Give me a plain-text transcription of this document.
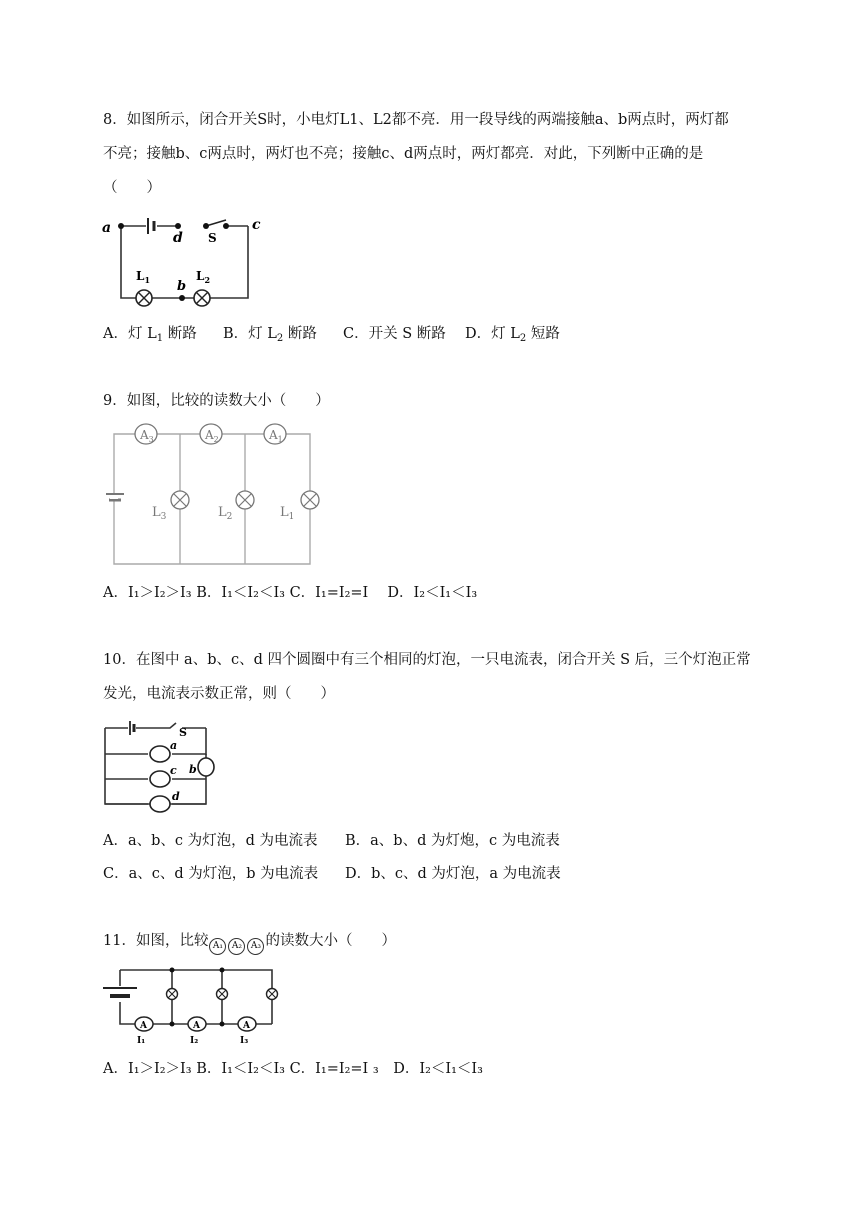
8．如图所示，闭合开关S时，小电灯L1、L2都不亮．用一段导线的两端接触a、b两点时，两灯都
不亮；接触b、c两点时，两灯也不亮；接触c、d两点时，两灯都亮．对此，下列断中正确的是
（　　）
a
d S
c
b
$L_1$	$L_2$
A．灯 $L_1$ 断路 B．灯 $L_2$ 断路 C．开关 S 断路 D．灯 $L_2$ 短路
9．如图，比较的读数大小（　　）
$A_3$	$A_2$	$A_1$
$L_3$	$L_2$	$L_1$
A．I₁＞I₂＞I₃ B．I₁＜I₂＜I₃ C．I₁=I₂=I　 D．I₂＜I₁＜I₃
10．在图中 a、b、c、d 四个圆圈中有三个相同的灯泡，一只电流表，闭合开关 S 后，三个灯泡正常
发光，电流表示数正常，则（　　）
S
a
c
d
b
A．a、b、c 为灯泡，d 为电流表 B．a、b、d 为灯炮，c 为电流表
C．a、c、d 为灯泡，b 为电流表 D．b、c、d 为灯泡，a 为电流表
11．如图，比较 A₁ A₂ A₃ 的读数大小（　　）
A	A	A
I₁	I₂	I₃
A．I₁＞I₂＞I₃ B．I₁＜I₂＜I₃ C．I₁=I₂=I ₃　D．I₂＜I₁＜I₃
